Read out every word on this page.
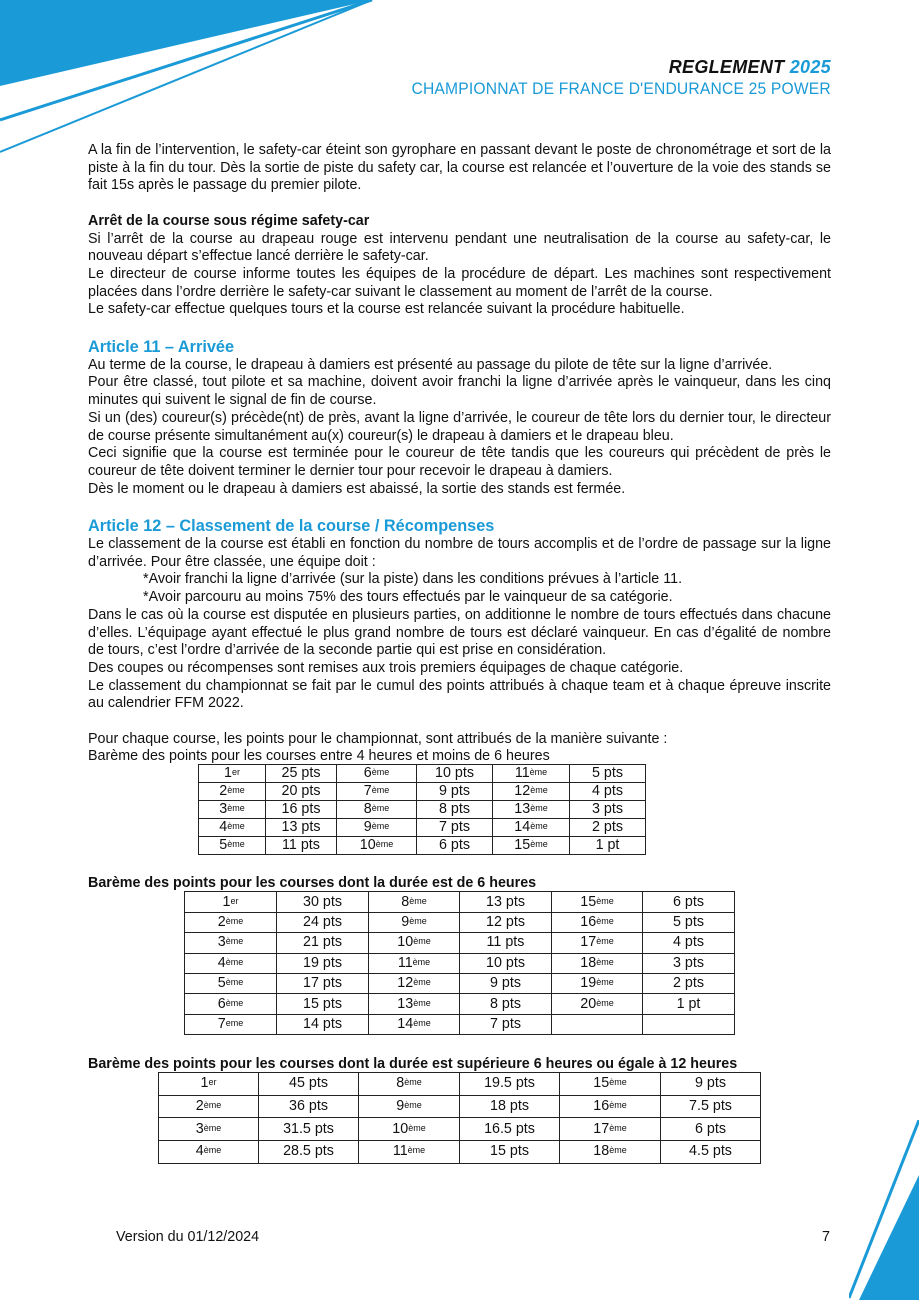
REGLEMENT 2025
CHAMPIONNAT DE FRANCE D'ENDURANCE 25 POWER

A la fin de l’intervention, le safety-car éteint son gyrophare en passant devant le poste de chronométrage et sort de la piste à la fin du tour. Dès la sortie de piste du safety car, la course est relancée et l’ouverture de la voie des stands se fait 15s après le passage du premier pilote.

Arrêt de la course sous régime safety-car

Si l’arrêt de la course au drapeau rouge est intervenu pendant une neutralisation de la course au safety-car, le nouveau départ s’effectue lancé derrière le safety-car.

Le directeur de course informe toutes les équipes de la procédure de départ. Les machines sont respectivement placées dans l’ordre derrière le safety-car suivant le classement au moment de l’arrêt de la course.

Le safety-car effectue quelques tours et la course est relancée suivant la procédure habituelle.

Article 11 – Arrivée

Au terme de la course, le drapeau à damiers est présenté au passage du pilote de tête sur la ligne d’arrivée.

Pour être classé, tout pilote et sa machine, doivent avoir franchi la ligne d’arrivée après le vainqueur, dans les cinq minutes qui suivent le signal de fin de course.

Si un (des) coureur(s) précède(nt) de près, avant la ligne d’arrivée, le coureur de tête lors du dernier tour, le directeur de course présente simultanément au(x) coureur(s) le drapeau à damiers et le drapeau bleu.

Ceci signifie que la course est terminée pour le coureur de tête tandis que les coureurs qui précèdent de près le coureur de tête doivent terminer le dernier tour pour recevoir le drapeau à damiers.

Dès le moment ou le drapeau à damiers est abaissé, la sortie des stands est fermée.

Article 12 – Classement de la course / Récompenses

Le classement de la course est établi en fonction du nombre de tours accomplis et de l’ordre de passage sur la ligne d’arrivée. Pour être classée, une équipe doit :

*Avoir franchi la ligne d’arrivée (sur la piste) dans les conditions prévues à l’article 11.

*Avoir parcouru au moins 75% des tours effectués par le vainqueur de sa catégorie.

Dans le cas où la course est disputée en plusieurs parties, on additionne le nombre de tours effectués dans chacune d’elles. L’équipage ayant effectué le plus grand nombre de tours est déclaré vainqueur. En cas d’égalité de nombre de tours, c’est l’ordre d’arrivée de la seconde partie qui est prise en considération.

Des coupes ou récompenses sont remises aux trois premiers équipages de chaque catégorie.

Le classement du championnat se fait par le cumul des points attribués à chaque team et à chaque épreuve inscrite au calendrier FFM 2022.

Pour chaque course, les points pour le championnat, sont attribués de la manière suivante :

Barème des points pour les courses entre 4 heures et moins de 6 heures

1er	25 pts	6ème	10 pts	11ème	5 pts
2ème	20 pts	7ème	9 pts	12ème	4 pts
3ème	16 pts	8ème	8 pts	13ème	3 pts
4ème	13 pts	9ème	7 pts	14ème	2 pts
5ème	11 pts	10ème	6 pts	15ème	1 pt

Barème des points pour les courses dont la durée est de 6 heures

1er	30 pts	8ème	13 pts	15ème	6 pts
2ème	24 pts	9ème	12 pts	16ème	5 pts
3ème	21 pts	10ème	11 pts	17ème	4 pts
4ème	19 pts	11ème	10 pts	18ème	3 pts
5ème	17 pts	12ème	9 pts	19ème	2 pts
6ème	15 pts	13ème	8 pts	20ème	1 pt
7eme	14 pts	14ème	7 pts		

Barème des points pour les courses dont la durée est supérieure 6 heures ou égale à 12 heures

1er	45 pts	8ème	19.5 pts	15ème	9 pts
2ème	36 pts	9ème	18 pts	16ème	7.5 pts
3ème	31.5 pts	10ème	16.5 pts	17ème	6 pts
4ème	28.5 pts	11ème	15 pts	18ème	4.5 pts
Version du 01/12/2024	7
